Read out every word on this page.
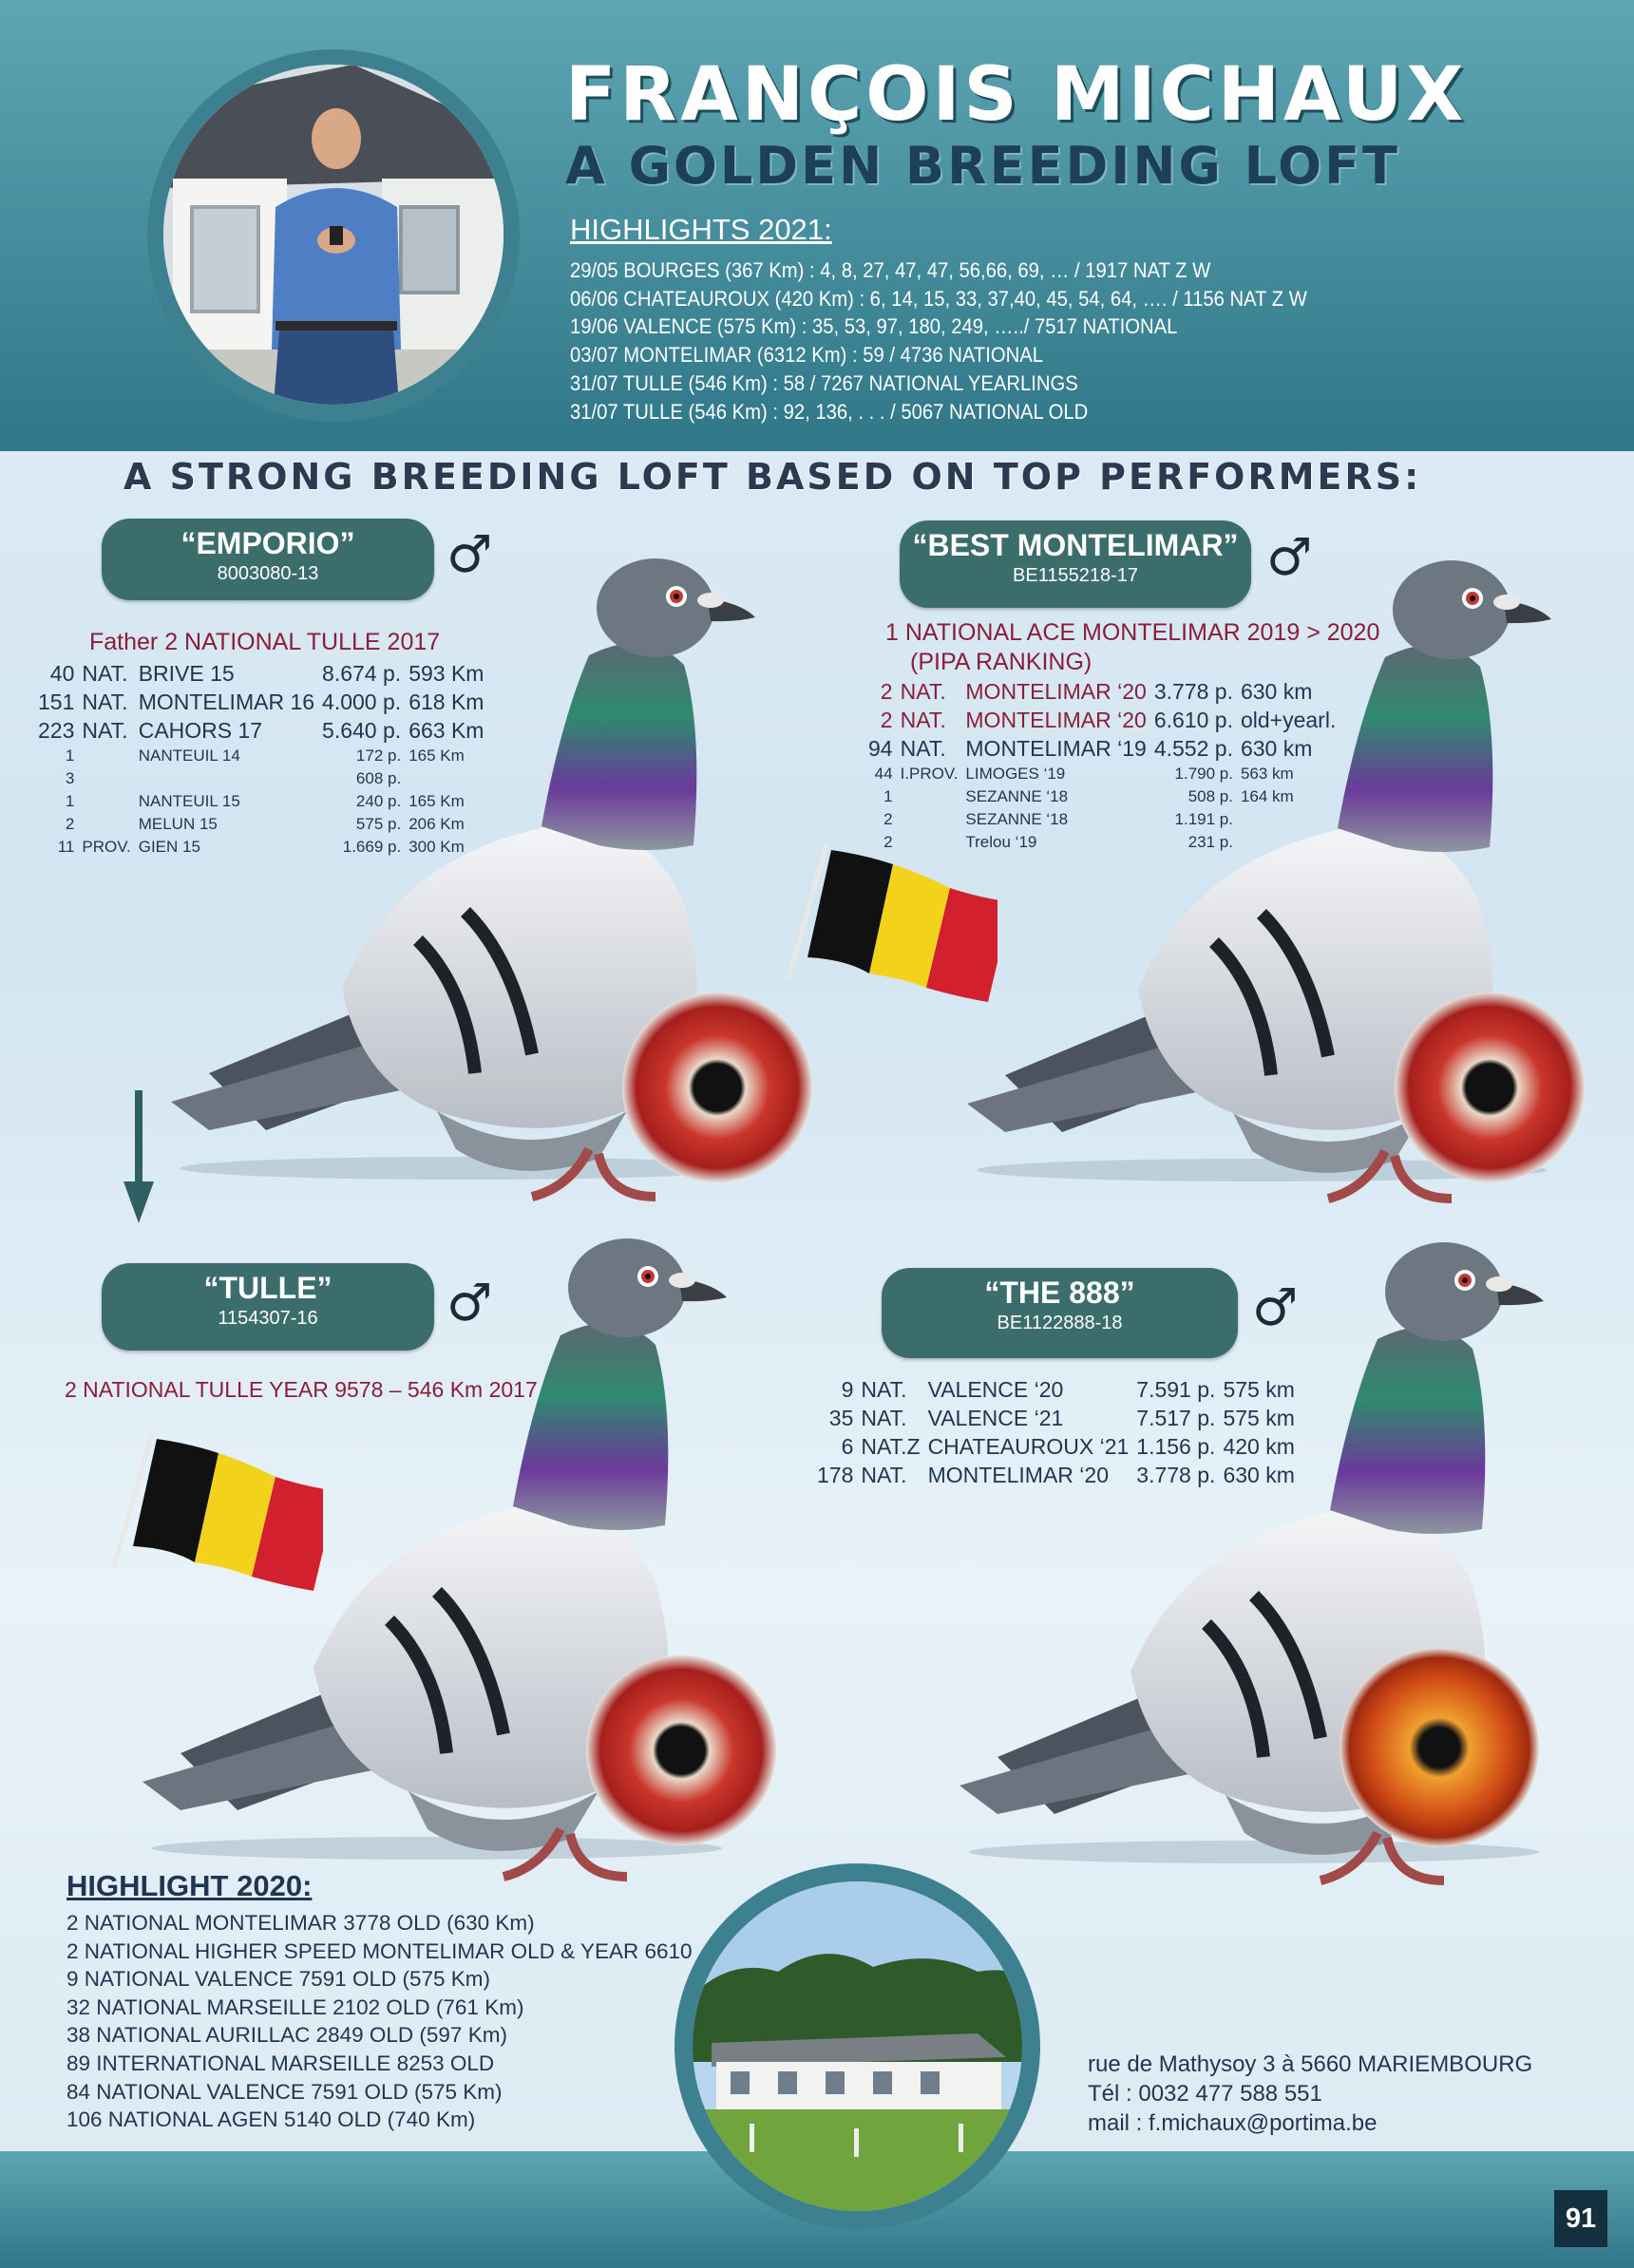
FRANÇOIS MICHAUX
A GOLDEN BREEDING LOFT
HIGHLIGHTS 2021:
29/05 BOURGES (367 Km) : 4, 8, 27, 47, 47, 56,66, 69, … / 1917 NAT Z W
06/06 CHATEAUROUX (420 Km) : 6, 14, 15, 33, 37,40, 45, 54, 64, …. / 1156 NAT Z W
19/06 VALENCE (575 Km) : 35, 53, 97, 180, 249, …../ 7517 NATIONAL
03/07 MONTELIMAR (6312 Km) : 59 / 4736 NATIONAL
31/07 TULLE (546 Km) : 58 / 7267 NATIONAL YEARLINGS
31/07 TULLE (546 Km) : 92, 136, . . . / 5067 NATIONAL OLD
A STRONG BREEDING LOFT BASED ON TOP PERFORMERS:
“EMPORIO”
8003080-13	♂
Father 2 NATIONAL TULLE 2017
40	NAT.	BRIVE 15	8.674 p.	593 Km
151	NAT.	MONTELIMAR 16	4.000 p.	618 Km
223	NAT.	CAHORS 17	5.640 p.	663 Km
1		NANTEUIL 14	172 p.	165 Km
3			608 p.	
1		NANTEUIL 15	240 p.	165 Km
2		MELUN 15	575 p.	206 Km
11	PROV.	GIEN 15	1.669 p.	300 Km
“BEST MONTELIMAR”
BE1155218-17	♂
1 NATIONAL ACE MONTELIMAR 2019 > 2020
(PIPA RANKING)
2	NAT.	MONTELIMAR ‘20	3.778 p.	630 km
2	NAT.	MONTELIMAR ‘20	6.610 p.	old+yearl.
94	NAT.	MONTELIMAR ‘19	4.552 p.	630 km
44	I.PROV.	LIMOGES ‘19	1.790 p.	563 km
1		SEZANNE ‘18	508 p.	164 km
2		SEZANNE ‘18	1.191 p.	
2		Trelou ‘19	231 p.	
“TULLE”
1154307-16	♂
2 NATIONAL TULLE YEAR 9578 – 546 Km 2017
“THE 888”
BE1122888-18	♂
9	NAT.	VALENCE ‘20	7.591 p.	575 km
35	NAT.	VALENCE ‘21	7.517 p.	575 km
6	NAT.Z	CHATEAUROUX ‘21	1.156 p.	420 km
178	NAT.	MONTELIMAR ‘20	3.778 p.	630 km
HIGHLIGHT 2020:
2 NATIONAL MONTELIMAR 3778 OLD (630 Km)
2 NATIONAL HIGHER SPEED MONTELIMAR OLD & YEAR 6610
9 NATIONAL VALENCE 7591 OLD (575 Km)
32 NATIONAL MARSEILLE 2102 OLD (761 Km)
38 NATIONAL AURILLAC 2849 OLD (597 Km)
89 INTERNATIONAL MARSEILLE 8253 OLD
84 NATIONAL VALENCE 7591 OLD (575 Km)
106 NATIONAL AGEN 5140 OLD (740 Km)
rue de Mathysoy 3 à 5660 MARIEMBOURG
Tél : 0032 477 588 551
mail : f.michaux@portima.be
91
